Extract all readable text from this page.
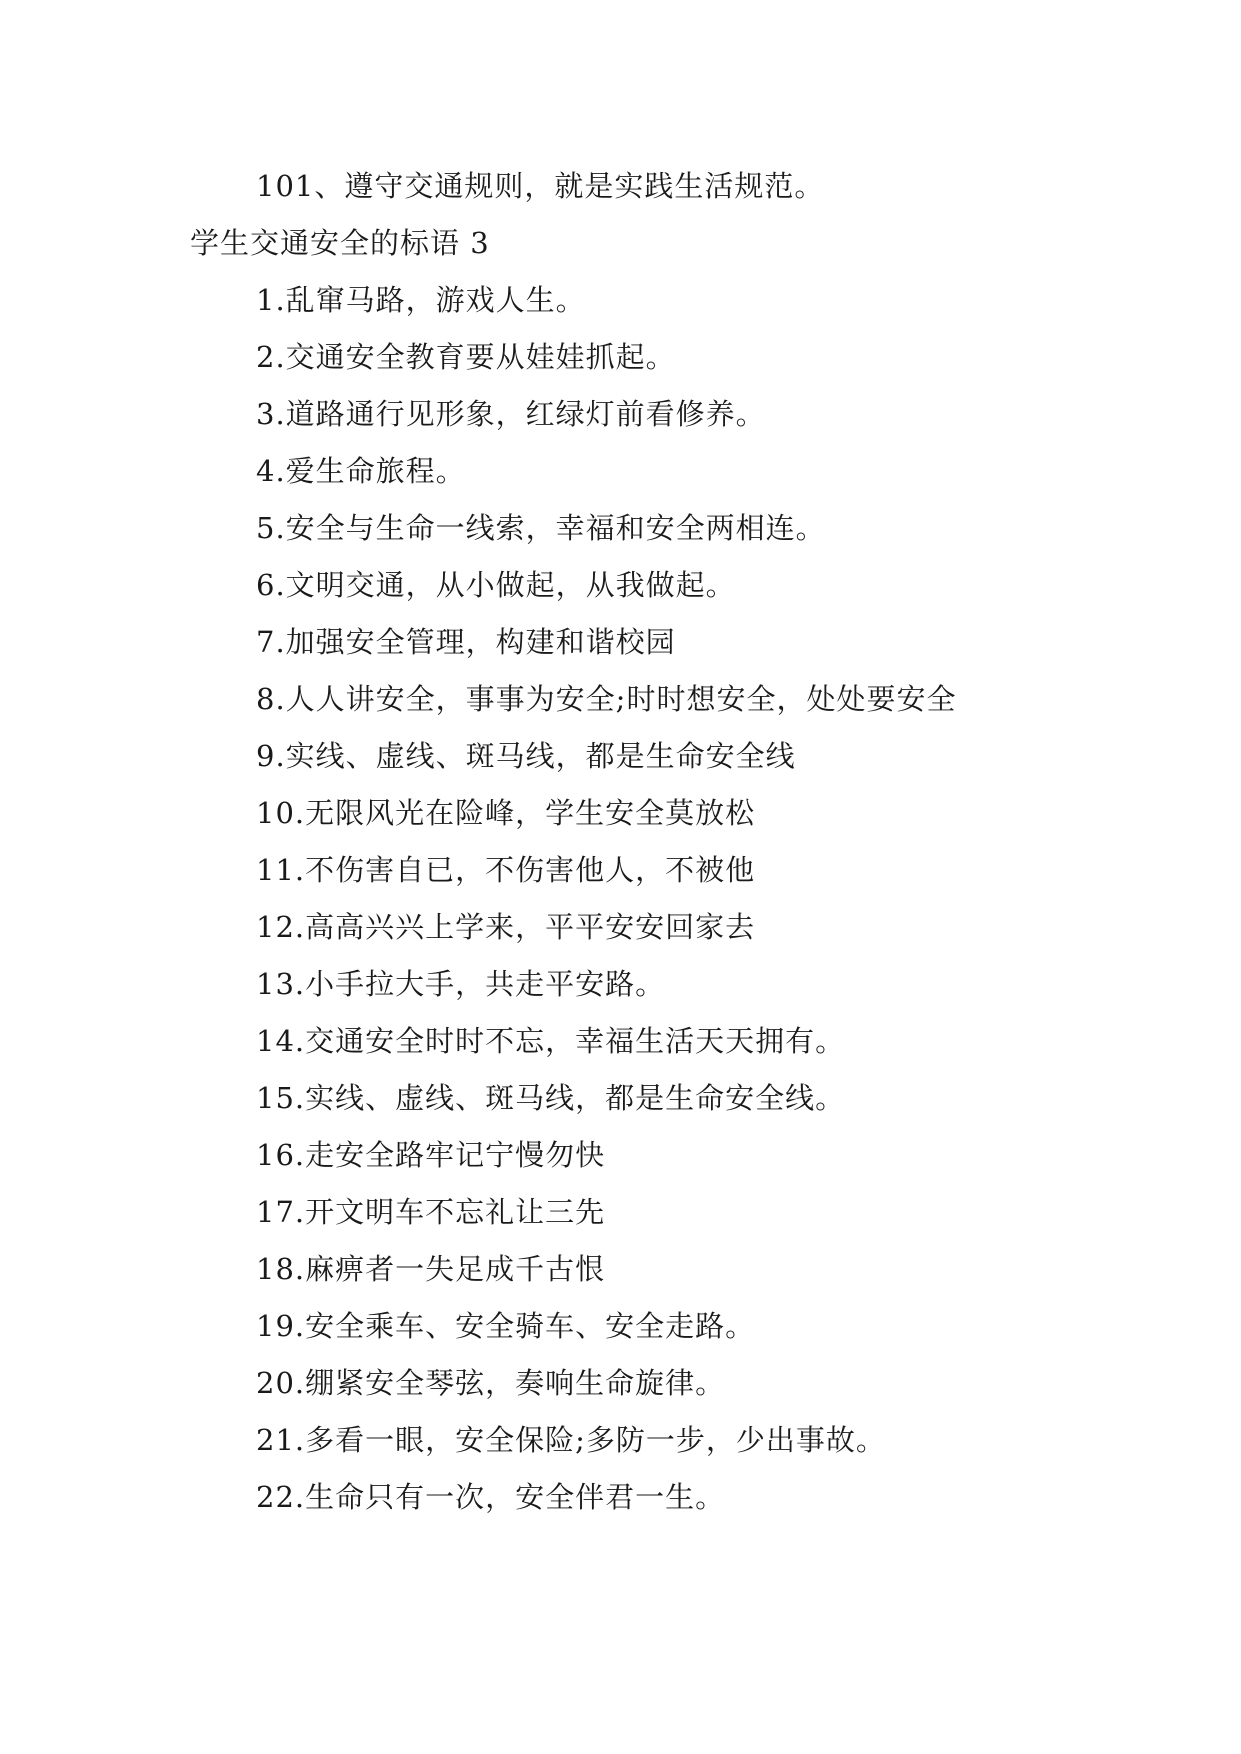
101、遵守交通规则，就是实践生活规范。
学生交通安全的标语 3
1.乱窜马路，游戏人生。
2.交通安全教育要从娃娃抓起。
3.道路通行见形象，红绿灯前看修养。
4.爱生命旅程。
5.安全与生命一线索，幸福和安全两相连。
6.文明交通，从小做起，从我做起。
7.加强安全管理，构建和谐校园
8.人人讲安全，事事为安全;时时想安全，处处要安全
9.实线、虚线、斑马线，都是生命安全线
10.无限风光在险峰，学生安全莫放松
11.不伤害自已，不伤害他人，不被他
12.高高兴兴上学来，平平安安回家去
13.小手拉大手，共走平安路。
14.交通安全时时不忘，幸福生活天天拥有。
15.实线、虚线、斑马线，都是生命安全线。
16.走安全路牢记宁慢勿快
17.开文明车不忘礼让三先
18.麻痹者一失足成千古恨
19.安全乘车、安全骑车、安全走路。
20.绷紧安全琴弦，奏响生命旋律。
21.多看一眼，安全保险;多防一步，少出事故。
22.生命只有一次，安全伴君一生。
